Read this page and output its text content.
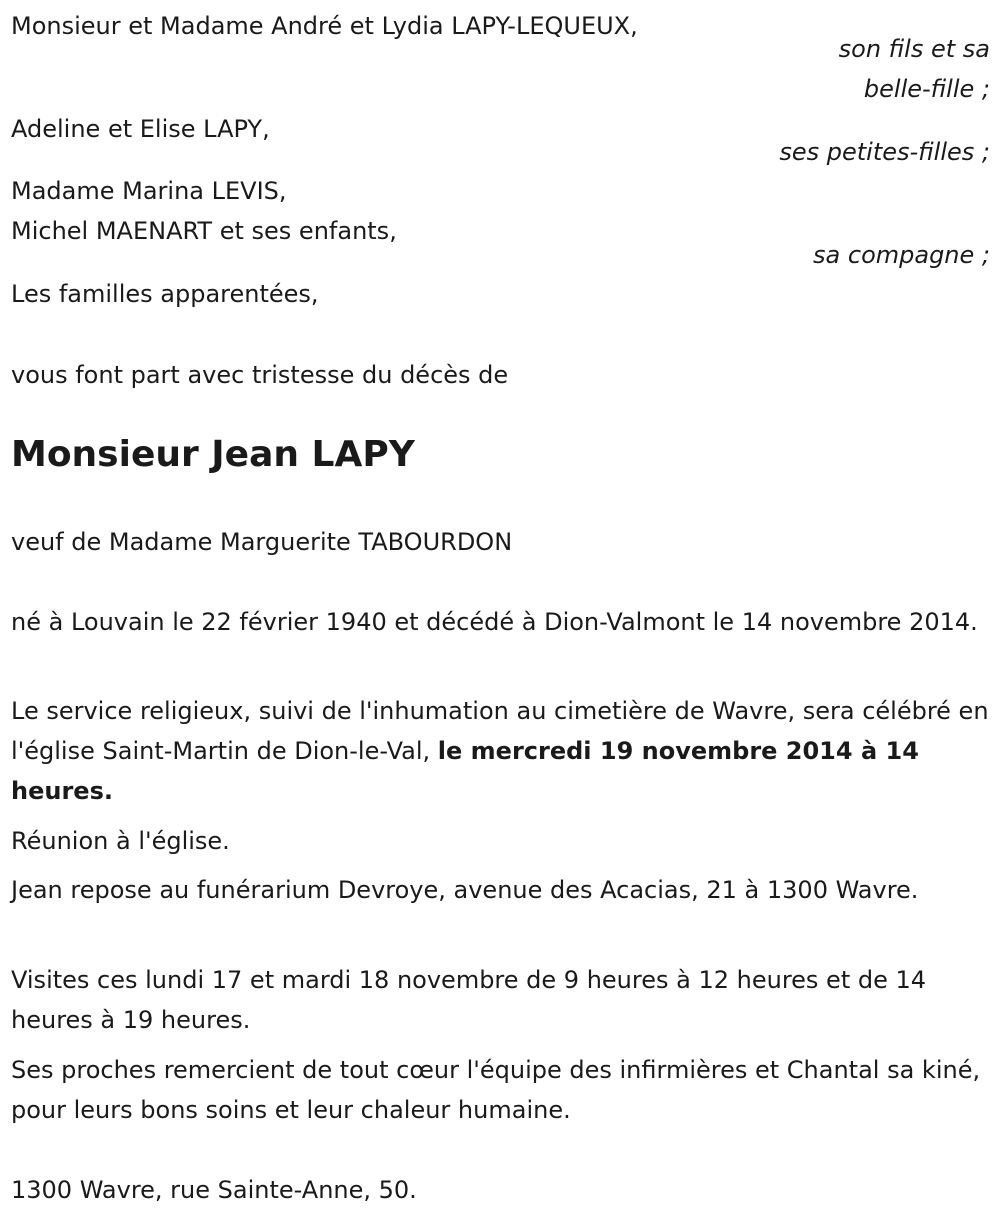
Monsieur et Madame André et Lydia LAPY-LEQUEUX,
son fils et sa
belle-fille ;
Adeline et Elise LAPY,
ses petites-filles ;
Madame Marina LEVIS,
Michel MAENART et ses enfants,
sa compagne ;
Les familles apparentées,
vous font part avec tristesse du décès de
Monsieur Jean LAPY
veuf de Madame Marguerite TABOURDON
né à Louvain le 22 février 1940 et décédé à Dion-Valmont le 14 novembre 2014.
Le service religieux, suivi de l'inhumation au cimetière de Wavre, sera célébré en l'église Saint-Martin de Dion-le-Val, le mercredi 19 novembre 2014 à 14 heures.
Réunion à l'église.
Jean repose au funérarium Devroye, avenue des Acacias, 21 à 1300 Wavre.
Visites ces lundi 17 et mardi 18 novembre de 9 heures à 12 heures et de 14 heures à 19 heures.
Ses proches remercient de tout cœur l'équipe des infirmières et Chantal sa kiné, pour leurs bons soins et leur chaleur humaine.
1300 Wavre, rue Sainte-Anne, 50.
